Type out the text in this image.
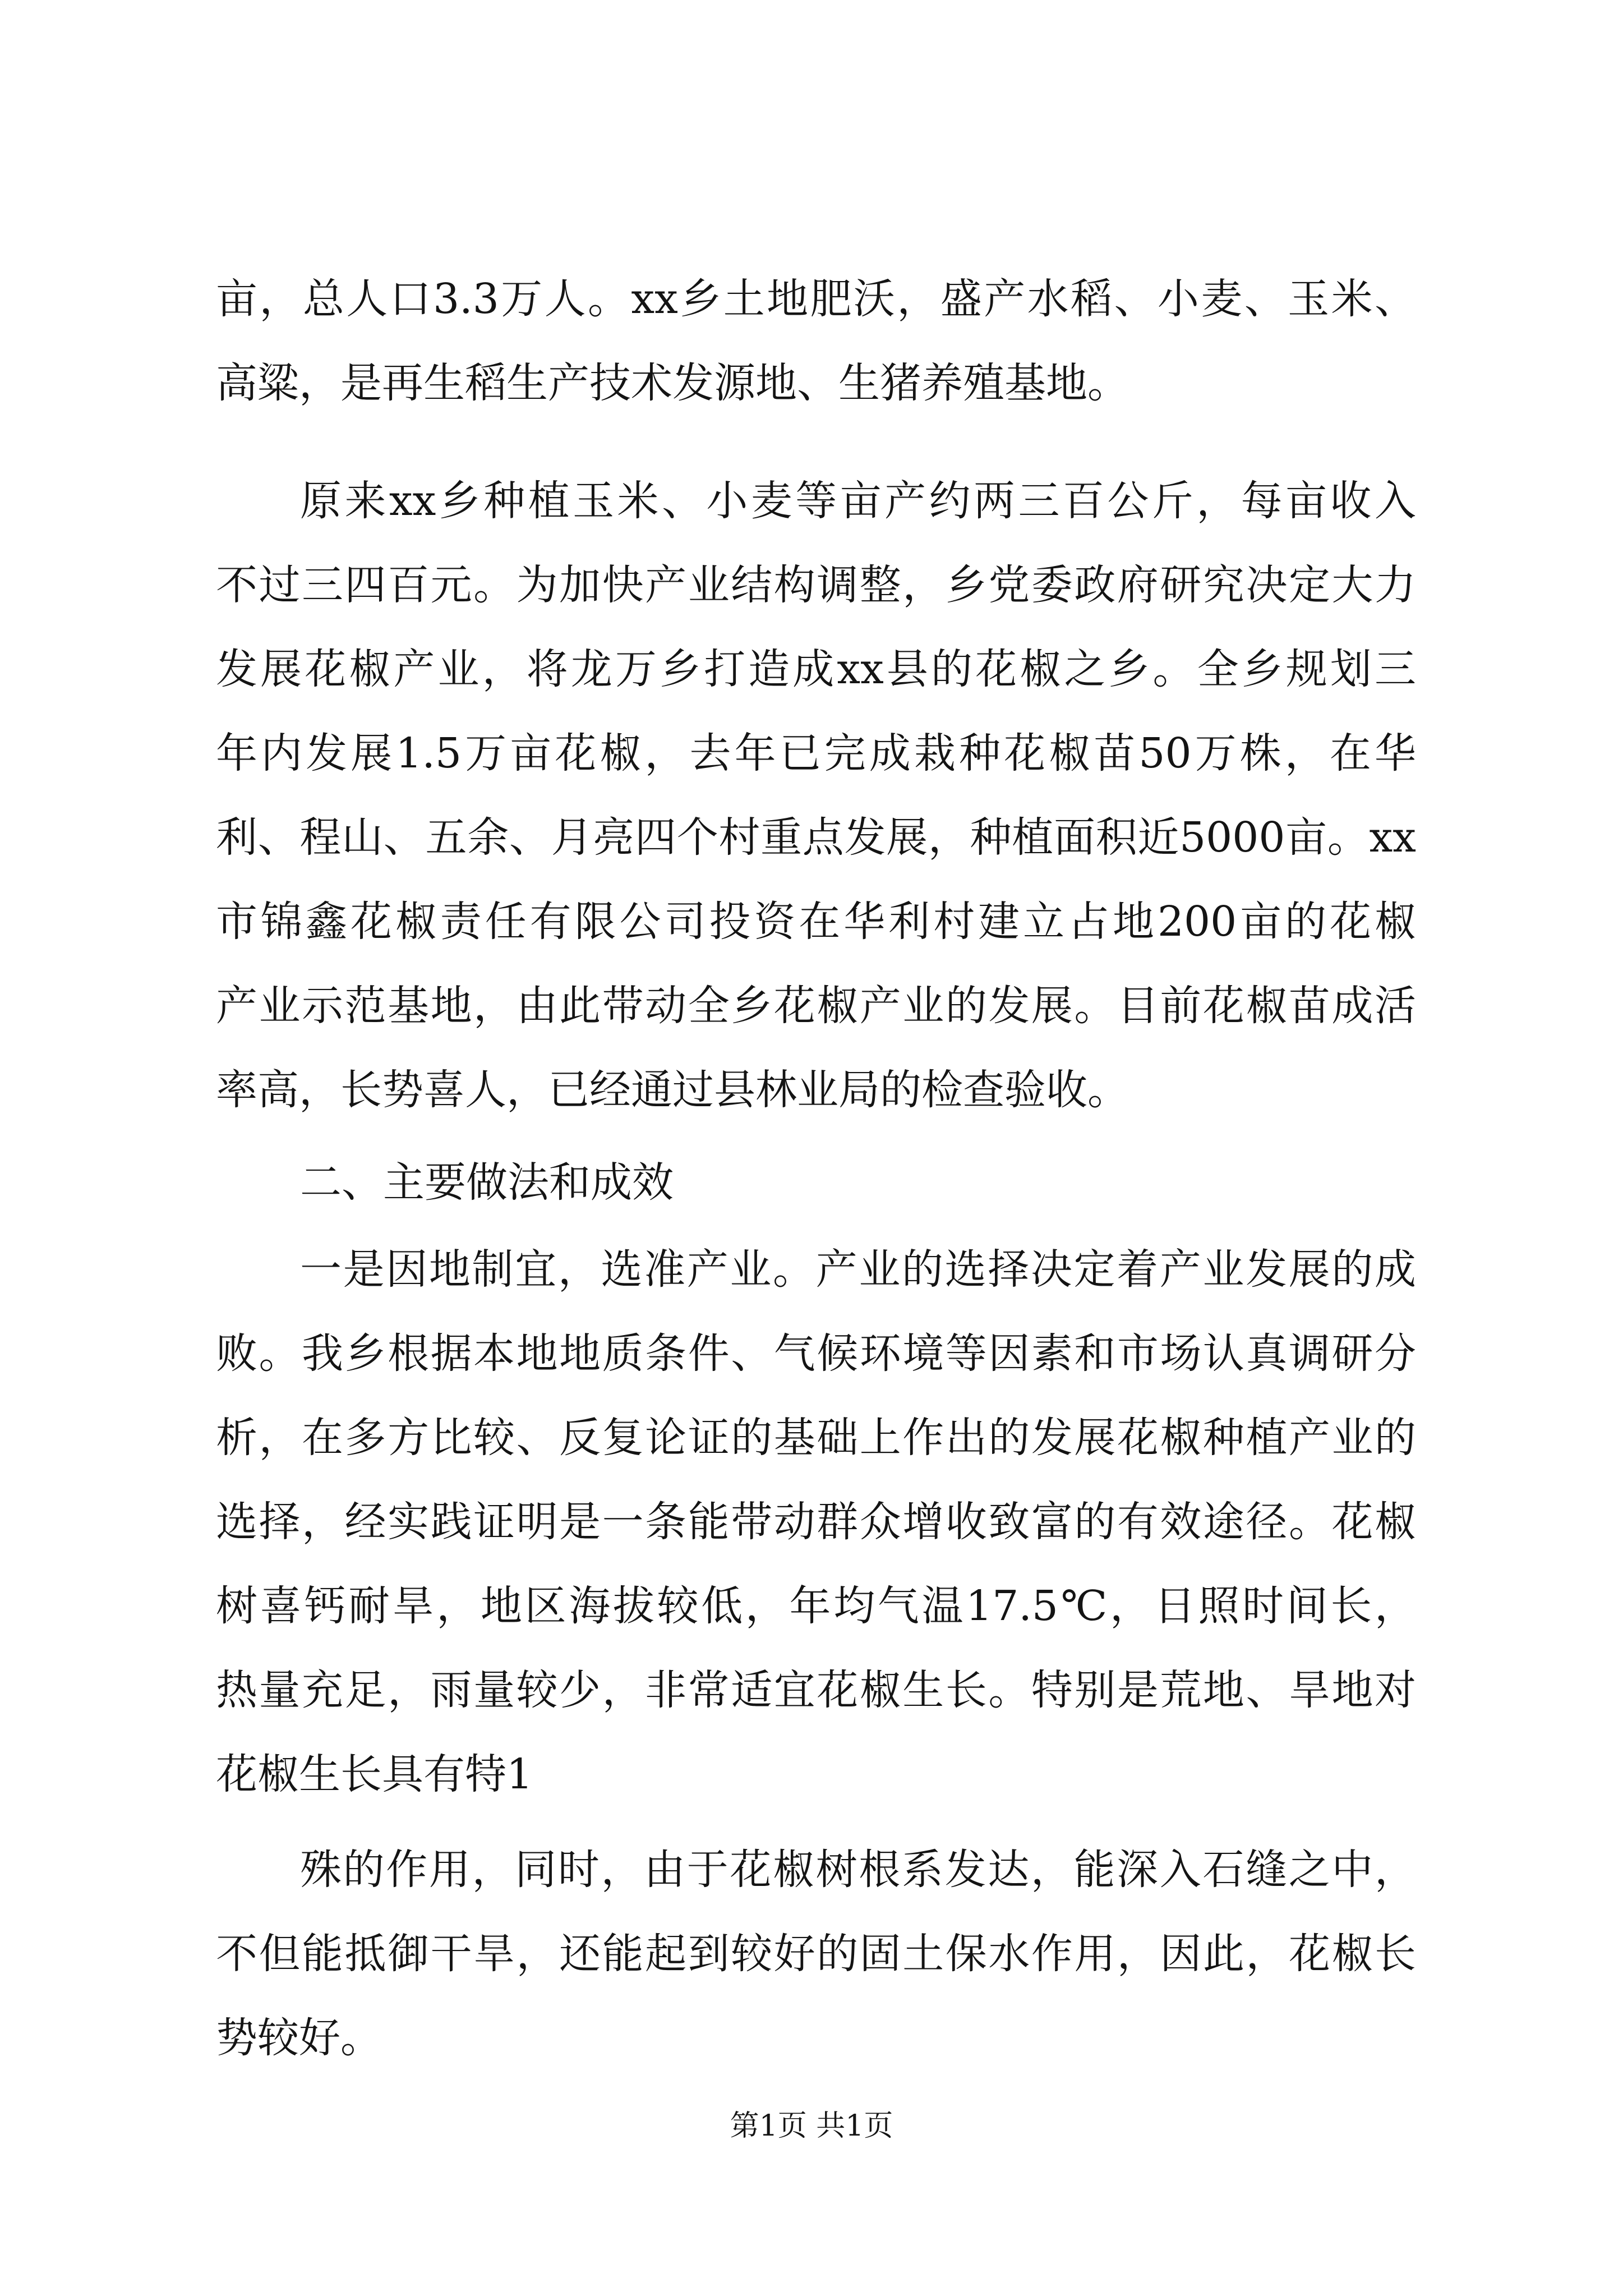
亩，总人口3.3万人。xx乡土地肥沃，盛产水稻、小麦、玉米、
高粱，是再生稻生产技术发源地、生猪养殖基地。
原来xx乡种植玉米、小麦等亩产约两三百公斤，每亩收入
不过三四百元。为加快产业结构调整，乡党委政府研究决定大力
发展花椒产业，将龙万乡打造成xx县的花椒之乡。全乡规划三
年内发展1.5万亩花椒，去年已完成栽种花椒苗50万株，在华
利、程山、五余、月亮四个村重点发展，种植面积近5000亩。xx
市锦鑫花椒责任有限公司投资在华利村建立占地200亩的花椒
产业示范基地，由此带动全乡花椒产业的发展。目前花椒苗成活
率高，长势喜人，已经通过县林业局的检查验收。
二、主要做法和成效
一是因地制宜，选准产业。产业的选择决定着产业发展的成
败。我乡根据本地地质条件、气候环境等因素和市场认真调研分
析，在多方比较、反复论证的基础上作出的发展花椒种植产业的
选择，经实践证明是一条能带动群众增收致富的有效途径。花椒
树喜钙耐旱，地区海拔较低，年均气温17.5℃，日照时间长，
热量充足，雨量较少，非常适宜花椒生长。特别是荒地、旱地对
花椒生长具有特1
殊的作用，同时，由于花椒树根系发达，能深入石缝之中，
不但能抵御干旱，还能起到较好的固土保水作用，因此，花椒长
势较好。
第1页 共1页
